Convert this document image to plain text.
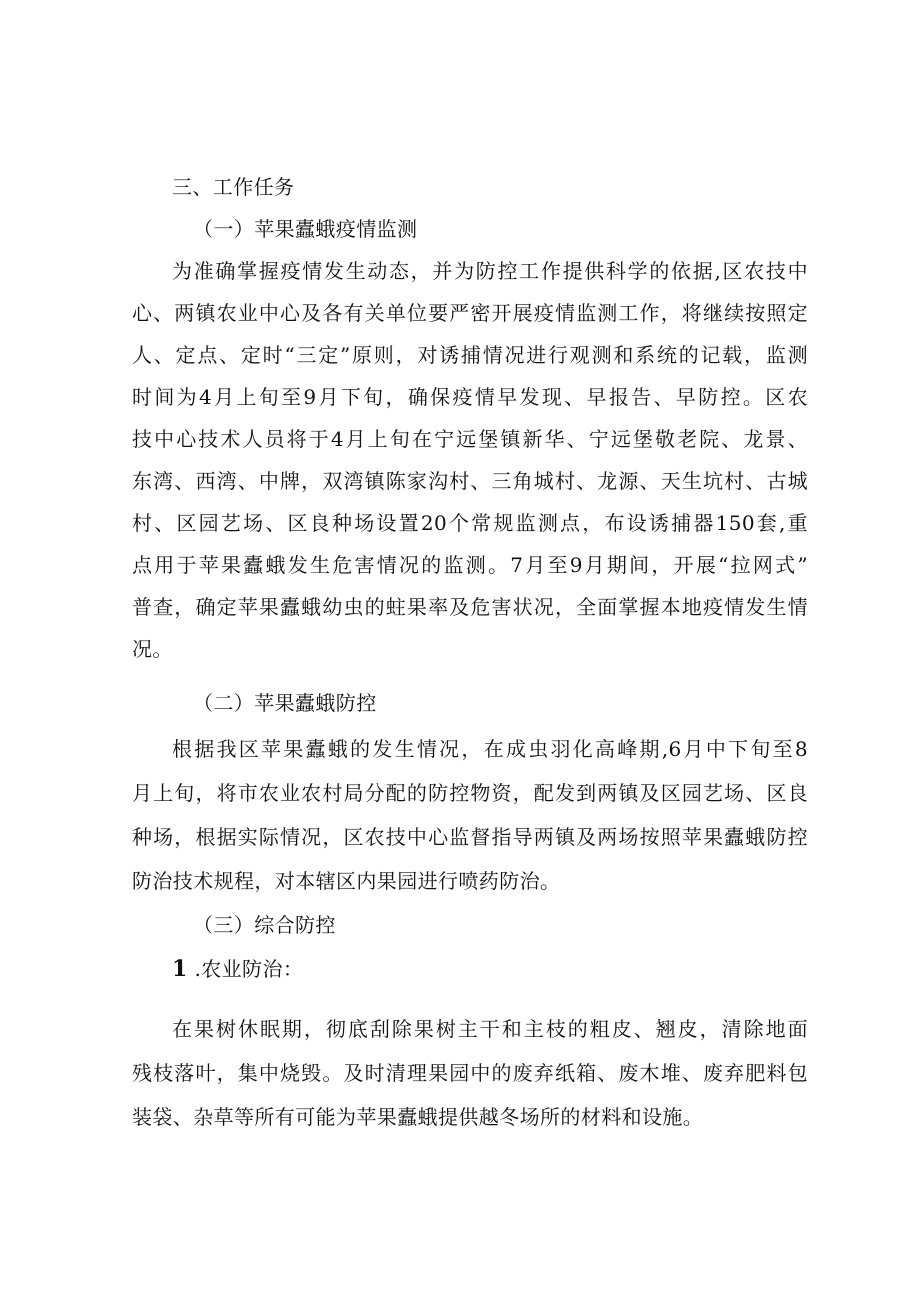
三、工作任务
（一）苹果蠹蛾疫情监测
为准确掌握疫情发生动态，并为防控工作提供科学的依据,区农技中
心、两镇农业中心及各有关单位要严密开展疫情监测工作，将继续按照定
人、定点、定时“三定”原则，对诱捕情况进行观测和系统的记载，监测
时间为4月上旬至9月下旬，确保疫情早发现、早报告、早防控。区农
技中心技术人员将于4月上旬在宁远堡镇新华、宁远堡敬老院、龙景、
东湾、西湾、中牌，双湾镇陈家沟村、三角城村、龙源、天生坑村、古城
村、区园艺场、区良种场设置20个常规监测点，布设诱捕器150套,重
点用于苹果蠹蛾发生危害情况的监测。7月至9月期间，开展“拉网式”
普查，确定苹果蠹蛾幼虫的蛀果率及危害状况，全面掌握本地疫情发生情
况。
（二）苹果蠹蛾防控
根据我区苹果蠹蛾的发生情况，在成虫羽化高峰期,6月中下旬至8
月上旬，将市农业农村局分配的防控物资，配发到两镇及区园艺场、区良
种场，根据实际情况，区农技中心监督指导两镇及两场按照苹果蠹蛾防控
防治技术规程，对本辖区内果园进行喷药防治。
（三）综合防控
1 .农业防治：
在果树休眠期，彻底刮除果树主干和主枝的粗皮、翘皮，清除地面
残枝落叶，集中烧毁。及时清理果园中的废弃纸箱、废木堆、废弃肥料包
装袋、杂草等所有可能为苹果蠹蛾提供越冬场所的材料和设施。
